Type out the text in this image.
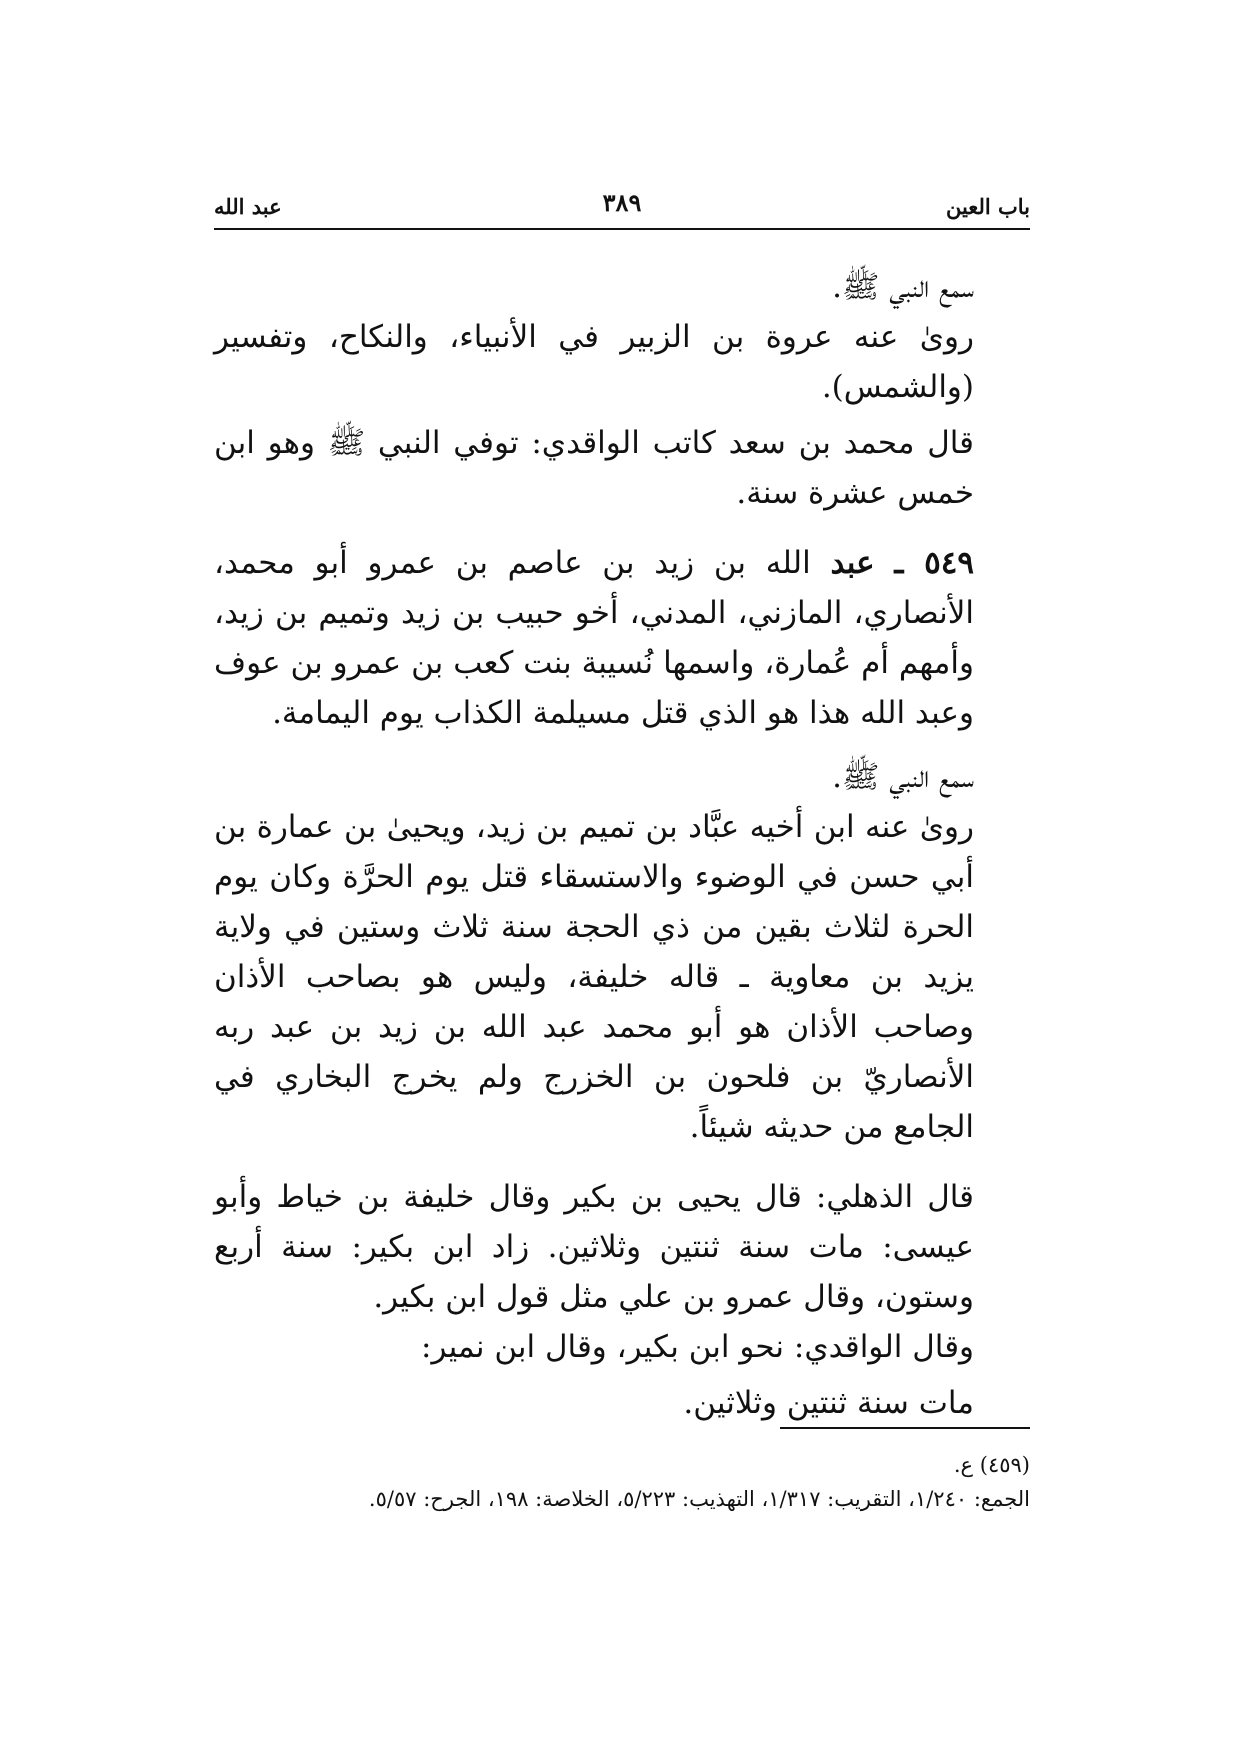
باب العين
٣٨٩
عبد الله

سمع النبي ﷺ.

روىٰ عنه عروة بن الزبير في الأنبياء، والنكاح، وتفسير (والشمس).

قال محمد بن سعد كاتب الواقدي: توفي النبي ﷺ وهو ابن خمس عشرة سنة.

٥٤٩ ـ عبد الله بن زيد بن عاصم بن عمرو أبو محمد، الأنصاري، المازني، المدني، أخو حبيب بن زيد وتميم بن زيد، وأمهم أم عُمارة، واسمها نُسيبة بنت كعب بن عمرو بن عوف وعبد الله هذا هو الذي قتل مسيلمة الكذاب يوم اليمامة.

سمع النبي ﷺ.

روىٰ عنه ابن أخيه عبَّاد بن تميم بن زيد، ويحيىٰ بن عمارة بن أبي حسن في الوضوء والاستسقاء قتل يوم الحرَّة وكان يوم الحرة لثلاث بقين من ذي الحجة سنة ثلاث وستين في ولاية يزيد بن معاوية ـ قاله خليفة، وليس هو بصاحب الأذان وصاحب الأذان هو أبو محمد عبد الله بن زيد بن عبد ربه الأنصاريّ بن فلحون بن الخزرج ولم يخرج البخاري في الجامع من حديثه شيئاً.

قال الذهلي: قال يحيى بن بكير وقال خليفة بن خياط وأبو عيسى: مات سنة ثنتين وثلاثين. زاد ابن بكير: سنة أربع وستون، وقال عمرو بن علي مثل قول ابن بكير.

وقال الواقدي: نحو ابن بكير، وقال ابن نمير:

مات سنة ثنتين وثلاثين.

(٤٥٩) ع.

الجمع: ١/٢٤٠، التقريب: ١/٣١٧، التهذيب: ٥/٢٢٣، الخلاصة: ١٩٨، الجرح: ٥/٥٧.
